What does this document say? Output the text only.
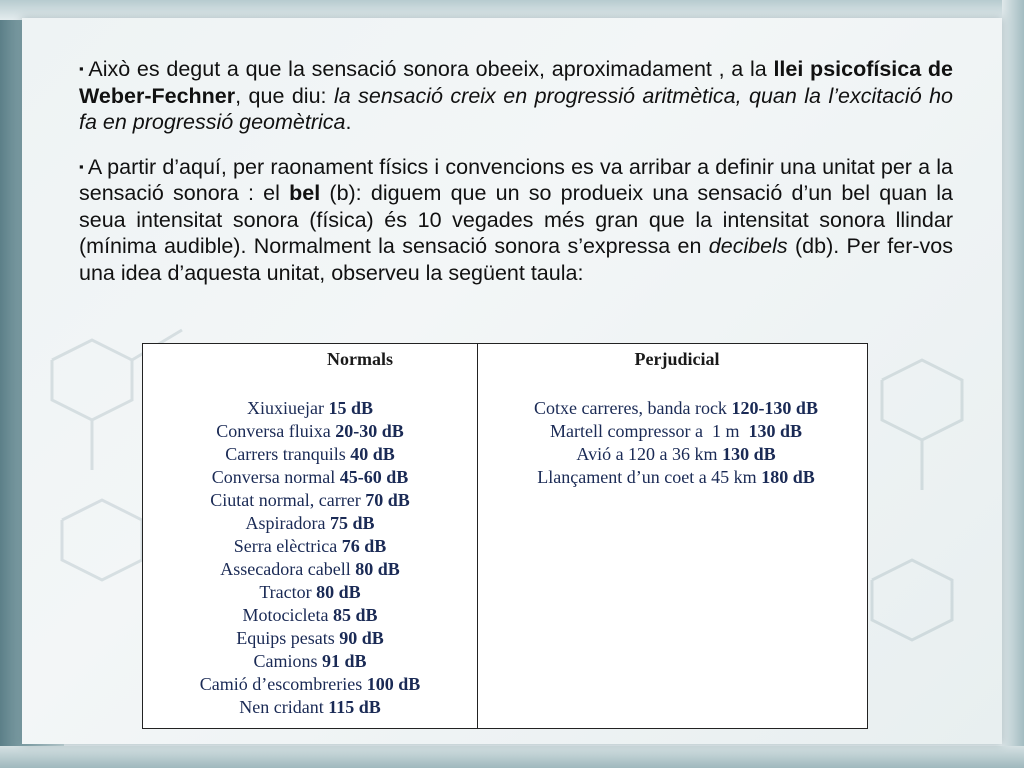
▪ Això es degut a que la sensació sonora obeeix, aproximadament , a la llei psicofísica de Weber-Fechner, que diu: la sensació creix en progressió aritmètica, quan la l’excitació ho fa en progressió geomètrica.

▪ A partir d’aquí, per raonament físics i convencions es va arribar a definir una unitat per a la sensació sonora : el bel (b): diguem que un so produeix una sensació d’un bel quan la seua intensitat sonora (física) és 10 vegades més gran que la intensitat sonora llindar (mínima audible). Normalment la sensació sonora s’expressa en decibels (db). Per fer-vos una idea d’aquesta unitat, observeu la següent taula:

Normals
Xiuxiuejar 15 dB
Conversa fluixa 20-30 dB
Carrers tranquils 40 dB
Conversa normal 45-60 dB
Ciutat normal, carrer 70 dB
Aspiradora 75 dB
Serra elèctrica 76 dB
Assecadora cabell 80 dB
Tractor 80 dB
Motocicleta 85 dB
Equips pesats 90 dB
Camions 91 dB
Camió d’escombreries 100 dB
Nen cridant 115 dB
Perjudicial
Cotxe carreres, banda rock 120-130 dB
Martell compressor a  1 m  130 dB
Avió a 120 a 36 km 130 dB
Llançament d’un coet a 45 km 180 dB
